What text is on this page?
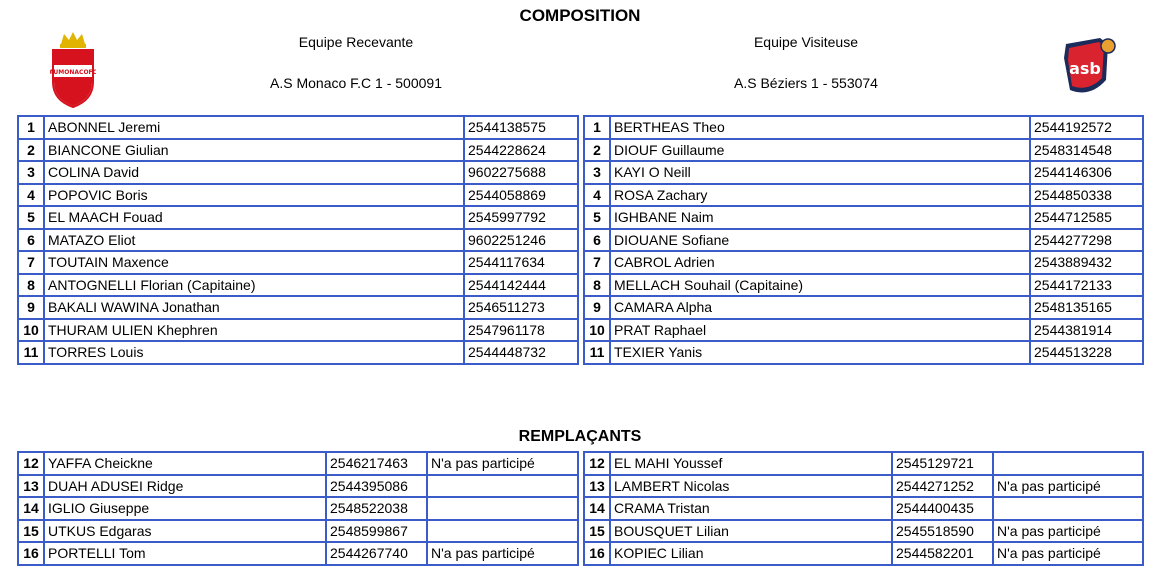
COMPOSITION
AUMONACOFC
Equipe Recevante	Equipe Visiteuse
A.S Monaco F.C 1 - 500091	A.S Béziers 1 - 553074
asb
1	ABONNEL Jeremi	2544138575		1	BERTHEAS Theo	2544192572
2	BIANCONE Giulian	2544228624		2	DIOUF Guillaume	2548314548
3	COLINA David	9602275688		3	KAYI O Neill	2544146306
4	POPOVIC Boris	2544058869		4	ROSA Zachary	2544850338
5	EL MAACH Fouad	2545997792		5	IGHBANE Naim	2544712585
6	MATAZO Eliot	9602251246		6	DIOUANE Sofiane	2544277298
7	TOUTAIN Maxence	2544117634		7	CABROL Adrien	2543889432
8	ANTOGNELLI Florian (Capitaine)	2544142444		8	MELLACH Souhail (Capitaine)	2544172133
9	BAKALI WAWINA Jonathan	2546511273		9	CAMARA Alpha	2548135165
10	THURAM ULIEN Khephren	2547961178		10	PRAT Raphael	2544381914
11	TORRES Louis	2544448732		11	TEXIER Yanis	2544513228
REMPLAÇANTS
12	YAFFA Cheickne	2546217463	N'a pas participé		12	EL MAHI Youssef	2545129721	
13	DUAH ADUSEI Ridge	2544395086			13	LAMBERT Nicolas	2544271252	N'a pas participé
14	IGLIO Giuseppe	2548522038			14	CRAMA Tristan	2544400435	
15	UTKUS Edgaras	2548599867			15	BOUSQUET Lilian	2545518590	N'a pas participé
16	PORTELLI Tom	2544267740	N'a pas participé		16	KOPIEC Lilian	2544582201	N'a pas participé
